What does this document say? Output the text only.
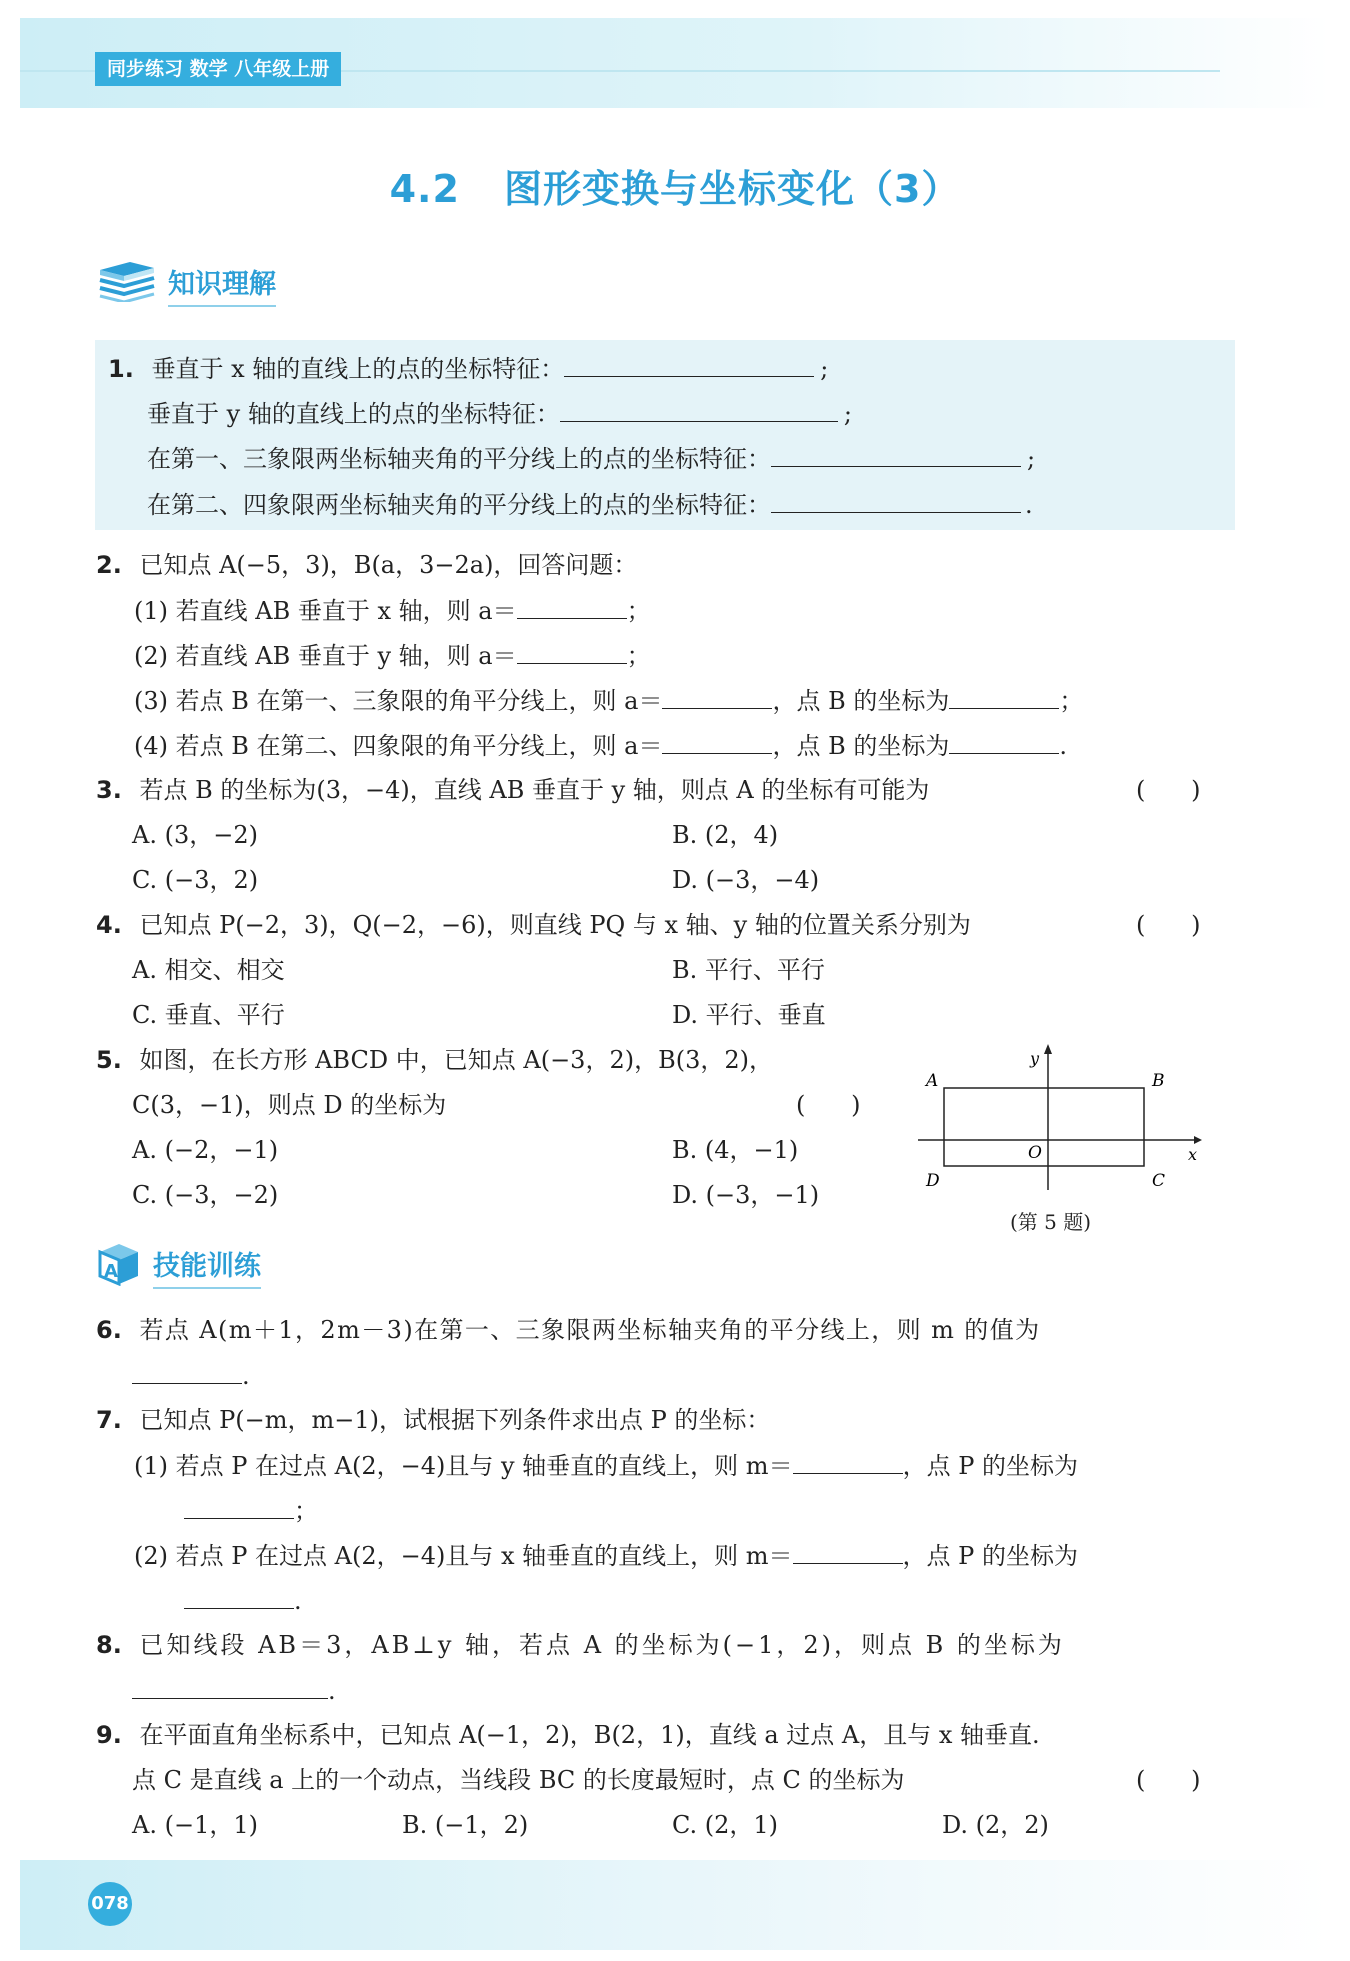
同步练习 数学 八年级上册
4.2 图形变换与坐标变化（3）
知识理解
1. 垂直于 x 轴的直线上的点的坐标特征：	;
垂直于 y 轴的直线上的点的坐标特征：	;
在第一、三象限两坐标轴夹角的平分线上的点的坐标特征：	;
在第二、四象限两坐标轴夹角的平分线上的点的坐标特征：	.
2. 已知点 A(−5，3)，B(a，3−2a)，回答问题：
(1) 若直线 AB 垂直于 x 轴，则 a＝	；
(2) 若直线 AB 垂直于 y 轴，则 a＝	；
(3) 若点 B 在第一、三象限的角平分线上，则 a＝	，点 B 的坐标为	；
(4) 若点 B 在第二、四象限的角平分线上，则 a＝	，点 B 的坐标为	.
3. 若点 B 的坐标为(3，−4)，直线 AB 垂直于 y 轴，则点 A 的坐标有可能为	(      )
A. (3，−2)	B. (2，4)
C. (−3，2)	D. (−3，−4)
4. 已知点 P(−2，3)，Q(−2，−6)，则直线 PQ 与 x 轴、y 轴的位置关系分别为	(      )
A. 相交、相交	B. 平行、平行
C. 垂直、平行	D. 平行、垂直
5. 如图，在长方形 ABCD 中，已知点 A(−3，2)，B(3，2)，
C(3，−1)，则点 D 的坐标为	(      )
A. (−2，−1)	B. (4，−1)
C. (−3，−2)	D. (−3，−1)
A	B
C
D
O	x
y
(第 5 题)
A 技能训练
6. 若点 A(m＋1，2m－3)在第一、三象限两坐标轴夹角的平分线上，则 m 的值为
.
7. 已知点 P(−m，m−1)，试根据下列条件求出点 P 的坐标：
(1) 若点 P 在过点 A(2，−4)且与 y 轴垂直的直线上，则 m＝	，点 P 的坐标为
；
(2) 若点 P 在过点 A(2，−4)且与 x 轴垂直的直线上，则 m＝	，点 P 的坐标为
.
8. 已知线段 AB＝3，AB⊥y 轴，若点 A 的坐标为(−1，2)，则点 B 的坐标为
.
9. 在平面直角坐标系中，已知点 A(−1，2)，B(2，1)，直线 a 过点 A，且与 x 轴垂直.
点 C 是直线 a 上的一个动点，当线段 BC 的长度最短时，点 C 的坐标为	(      )
A. (−1，1)	B. (−1，2)	C. (2，1)	D. (2，2)
078
